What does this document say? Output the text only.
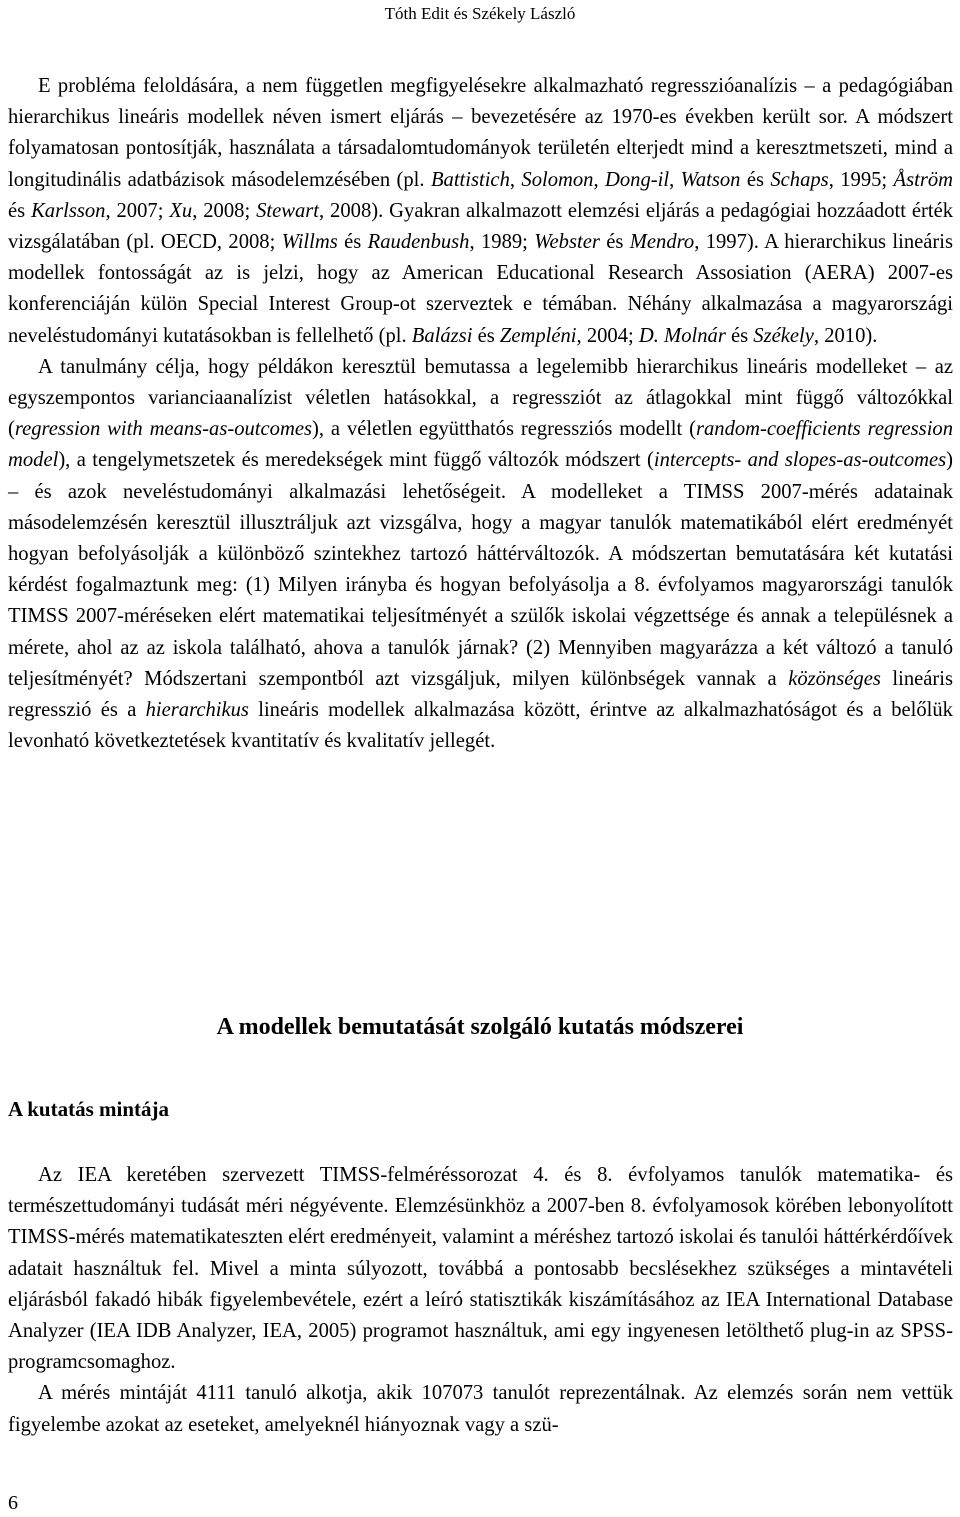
Tóth Edit és Székely László

E probléma feloldására, a nem független megfigyelésekre alkalmazható regresszióanalízis – a pedagógiában hierarchikus lineáris modellek néven ismert eljárás – bevezetésére az 1970-es években került sor. A módszert folyamatosan pontosítják, használata a társadalomtudományok területén elterjedt mind a keresztmetszeti, mind a longitudinális adatbázisok másodelemzésében (pl. Battistich, Solomon, Dong-il, Watson és Schaps, 1995; Åström és Karlsson, 2007; Xu, 2008; Stewart, 2008). Gyakran alkalmazott elemzési eljárás a pedagógiai hozzáadott érték vizsgálatában (pl. OECD, 2008; Willms és Raudenbush, 1989; Webster és Mendro, 1997). A hierarchikus lineáris modellek fontosságát az is jelzi, hogy az American Educational Research Assosiation (AERA) 2007-es konferenciáján külön Special Interest Group-ot szerveztek e témában. Néhány alkalmazása a magyarországi neveléstudományi kutatásokban is fellelhető (pl. Balázsi és Zempléni, 2004; D. Molnár és Székely, 2010).

A tanulmány célja, hogy példákon keresztül bemutassa a legelemibb hierarchikus lineáris modelleket – az egyszempontos varianciaanalízist véletlen hatásokkal, a regressziót az átlagokkal mint függő változókkal (regression with means-as-outcomes), a véletlen együtthatós regressziós modellt (random-coefficients regression model), a tengelymetszetek és meredekségek mint függő változók módszert (intercepts- and slopes-as-outcomes) – és azok neveléstudományi alkalmazási lehetőségeit. A modelleket a TIMSS 2007-mérés adatainak másodelemzésén keresztül illusztráljuk azt vizsgálva, hogy a magyar tanulók matematikából elért eredményét hogyan befolyásolják a különböző szintekhez tartozó háttérváltozók. A módszertan bemutatására két kutatási kérdést fogalmaztunk meg: (1) Milyen irányba és hogyan befolyásolja a 8. évfolyamos magyarországi tanulók TIMSS 2007-méréseken elért matematikai teljesítményét a szülők iskolai végzettsége és annak a településnek a mérete, ahol az az iskola található, ahova a tanulók járnak? (2) Mennyiben magyarázza a két változó a tanuló teljesítményét? Módszertani szempontból azt vizsgáljuk, milyen különbségek vannak a közönséges lineáris regresszió és a hierarchikus lineáris modellek alkalmazása között, érintve az alkalmazhatóságot és a belőlük levonható következtetések kvantitatív és kvalitatív jellegét.

A modellek bemutatását szolgáló kutatás módszerei
A kutatás mintája

Az IEA keretében szervezett TIMSS-felméréssorozat 4. és 8. évfolyamos tanulók matematika- és természettudományi tudását méri négyévente. Elemzésünkhöz a 2007-ben 8. évfolyamosok körében lebonyolított TIMSS-mérés matematikateszten elért eredményeit, valamint a méréshez tartozó iskolai és tanulói háttérkérdőívek adatait használtuk fel. Mivel a minta súlyozott, továbbá a pontosabb becslésekhez szükséges a mintavételi eljárásból fakadó hibák figyelembevétele, ezért a leíró statisztikák kiszámításához az IEA International Database Analyzer (IEA IDB Analyzer, IEA, 2005) programot használtuk, ami egy ingyenesen letölthető plug-in az SPSS-programcsomaghoz.

A mérés mintáját 4111 tanuló alkotja, akik 107073 tanulót reprezentálnak. Az elemzés során nem vettük figyelembe azokat az eseteket, amelyeknél hiányoznak vagy a szü-

6
